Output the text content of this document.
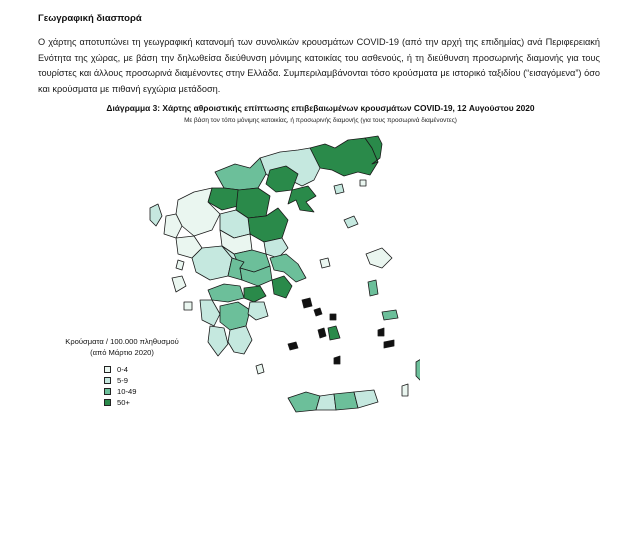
Γεωγραφική διασπορά
Ο χάρτης αποτυπώνει τη γεωγραφική κατανομή των συνολικών κρουσμάτων COVID-19 (από την αρχή της επιδημίας) ανά Περιφερειακή Ενότητα της χώρας, με βάση την δηλωθείσα διεύθυνση μόνιμης κατοικίας του ασθενούς, ή τη διεύθυνση προσωρινής διαμονής για τους τουρίστες και άλλους προσωρινά διαμένοντες στην Ελλάδα. Συμπεριλαμβάνονται τόσο κρούσματα με ιστορικό ταξιδίου (“εισαγόμενα”) όσο και κρούσματα με πιθανή εγχώρια μετάδοση.
Διάγραμμα 3: Χάρτης αθροιστικής επίπτωσης επιβεβαιωμένων κρουσμάτων COVID-19, 12 Αυγούστου 2020
Με βάση τον τόπο μόνιμης κατοικίας, ή προσωρινής διαμονής (για τους προσωρινά διαμένοντες)
Κρούσματα / 100.000 πληθυσμού
(από Μάρτιο 2020)
0-4
5-9
10-49
50+
